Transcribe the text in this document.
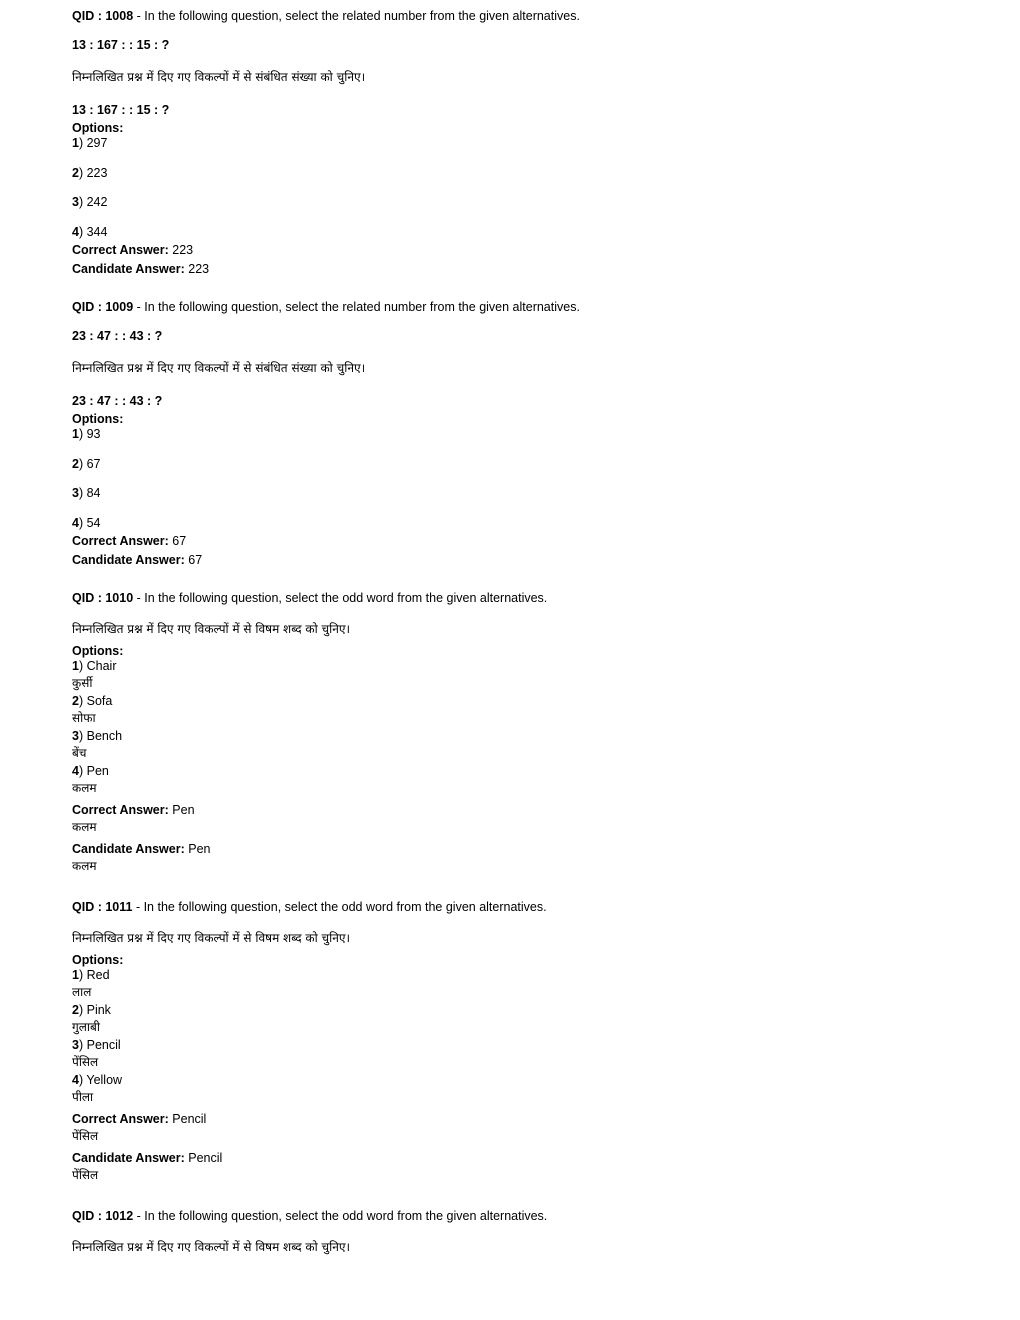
QID : 1008 - In the following question, select the related number from the given alternatives.
13 : 167 : : 15 : ?
निम्नलिखित प्रश्न में दिए गए विकल्पों में से संबंधित संख्या को चुनिए।
13 : 167 : : 15 : ?
Options:
1) 297
2) 223
3) 242
4) 344
Correct Answer: 223
Candidate Answer: 223
QID : 1009 - In the following question, select the related number from the given alternatives.
23 : 47 : : 43 : ?
निम्नलिखित प्रश्न में दिए गए विकल्पों में से संबंधित संख्या को चुनिए।
23 : 47 : : 43 : ?
Options:
1) 93
2) 67
3) 84
4) 54
Correct Answer: 67
Candidate Answer: 67
QID : 1010 - In the following question, select the odd word from the given alternatives.
निम्नलिखित प्रश्न में दिए गए विकल्पों में से विषम शब्द को चुनिए।
Options:
1) Chair
कुर्सी
2) Sofa
सोफा
3) Bench
बेंच
4) Pen
कलम
Correct Answer: Pen
कलम
Candidate Answer: Pen
कलम
QID : 1011 - In the following question, select the odd word from the given alternatives.
निम्नलिखित प्रश्न में दिए गए विकल्पों में से विषम शब्द को चुनिए।
Options:
1) Red
लाल
2) Pink
गुलाबी
3) Pencil
पेंसिल
4) Yellow
पीला
Correct Answer: Pencil
पेंसिल
Candidate Answer: Pencil
पेंसिल
QID : 1012 - In the following question, select the odd word from the given alternatives.
निम्नलिखित प्रश्न में दिए गए विकल्पों में से विषम शब्द को चुनिए।
